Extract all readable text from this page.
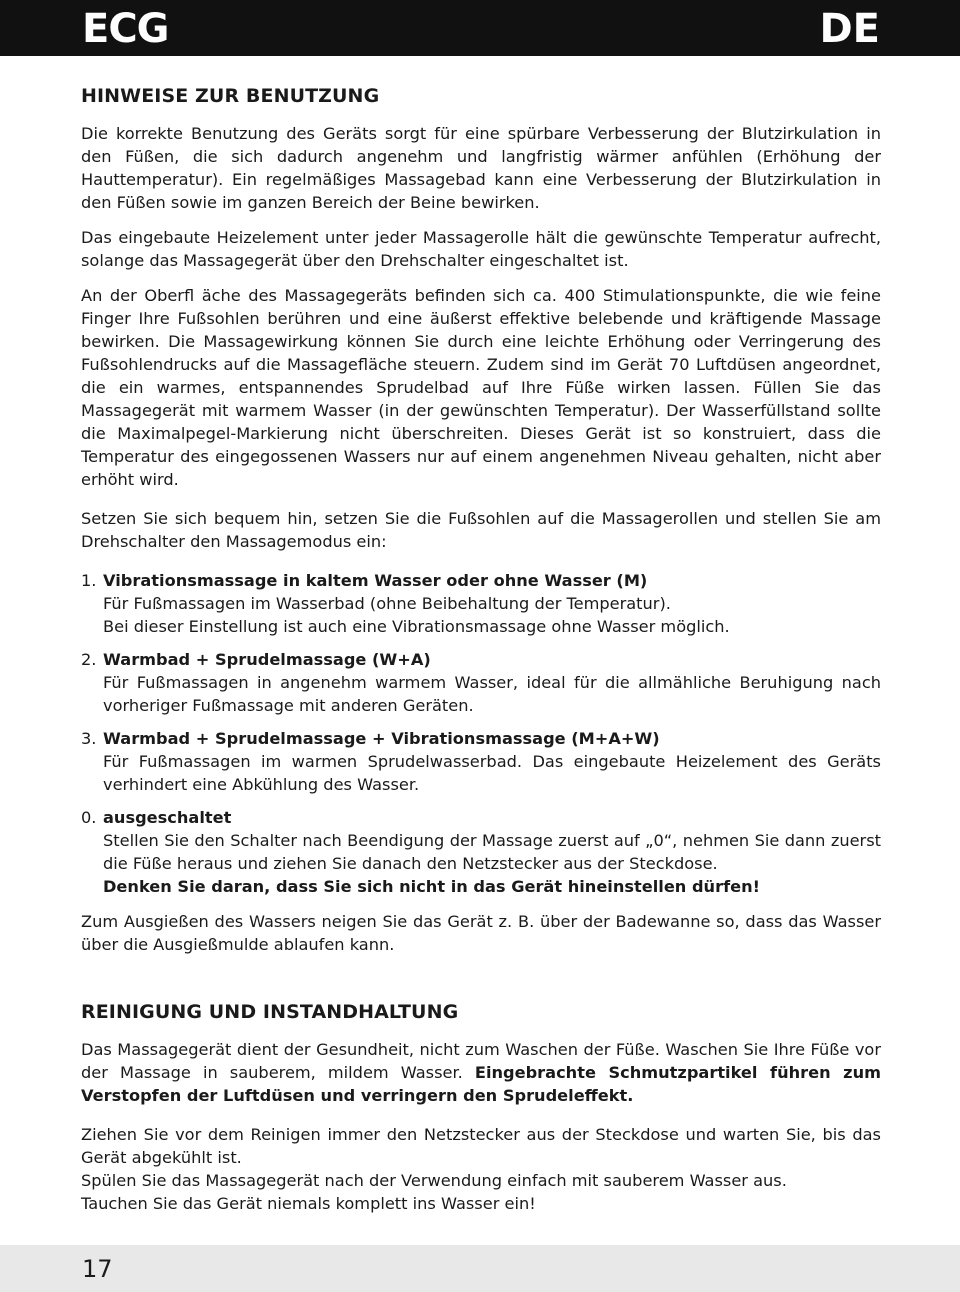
ECG	DE
HINWEISE ZUR BENUTZUNG

Die korrekte Benutzung des Geräts sorgt für eine spürbare Verbesserung der Blutzirkulation in den Füßen, die sich dadurch angenehm und langfristig wärmer anfühlen (Erhöhung der Hauttemperatur). Ein regelmäßiges Massagebad kann eine Verbesserung der Blutzirkulation in den Füßen sowie im ganzen Bereich der Beine bewirken.

Das eingebaute Heizelement unter jeder Massagerolle hält die gewünschte Temperatur aufrecht, solange das Massagegerät über den Drehschalter eingeschaltet ist.

An der Oberfl äche des Massagegeräts befinden sich ca. 400 Stimulationspunkte, die wie feine Finger Ihre Fußsohlen berühren und eine äußerst effektive belebende und kräftigende Massage bewirken. Die Massagewirkung können Sie durch eine leichte Erhöhung oder Verringerung des Fußsohlendrucks auf die Massagefläche steuern. Zudem sind im Gerät 70 Luftdüsen angeordnet, die ein warmes, entspannendes Sprudelbad auf Ihre Füße wirken lassen. Füllen Sie das Massagegerät mit warmem Wasser (in der gewünschten Temperatur). Der Wasserfüllstand sollte die Maximalpegel-Markierung nicht überschreiten. Dieses Gerät ist so konstruiert, dass die Temperatur des eingegossenen Wassers nur auf einem angenehmen Niveau gehalten, nicht aber erhöht wird.

Setzen Sie sich bequem hin, setzen Sie die Fußsohlen auf die Massagerollen und stellen Sie am Drehschalter den Massagemodus ein:

1. Vibrationsmassage in kaltem Wasser oder ohne Wasser (M)
Für Fußmassagen im Wasserbad (ohne Beibehaltung der Temperatur).
Bei dieser Einstellung ist auch eine Vibrationsmassage ohne Wasser möglich.
2. Warmbad + Sprudelmassage (W+A)
Für Fußmassagen in angenehm warmem Wasser, ideal für die allmähliche Beruhigung nach vorheriger Fußmassage mit anderen Geräten.
3. Warmbad + Sprudelmassage + Vibrationsmassage (M+A+W)
Für Fußmassagen im warmen Sprudelwasserbad. Das eingebaute Heizelement des Geräts verhindert eine Abkühlung des Wasser.
0. ausgeschaltet
Stellen Sie den Schalter nach Beendigung der Massage zuerst auf „0“, nehmen Sie dann zuerst die Füße heraus und ziehen Sie danach den Netzstecker aus der Steckdose.
Denken Sie daran, dass Sie sich nicht in das Gerät hineinstellen dürfen!

Zum Ausgießen des Wassers neigen Sie das Gerät z. B. über der Badewanne so, dass das Wasser über die Ausgießmulde ablaufen kann.

REINIGUNG UND INSTANDHALTUNG

Das Massagegerät dient der Gesundheit, nicht zum Waschen der Füße. Waschen Sie Ihre Füße vor der Massage in sauberem, mildem Wasser. Eingebrachte Schmutzpartikel führen zum Verstopfen der Luftdüsen und verringern den Sprudeleffekt.

Ziehen Sie vor dem Reinigen immer den Netzstecker aus der Steckdose und warten Sie, bis das Gerät abgekühlt ist.

Spülen Sie das Massagegerät nach der Verwendung einfach mit sauberem Wasser aus.

Tauchen Sie das Gerät niemals komplett ins Wasser ein!

17
